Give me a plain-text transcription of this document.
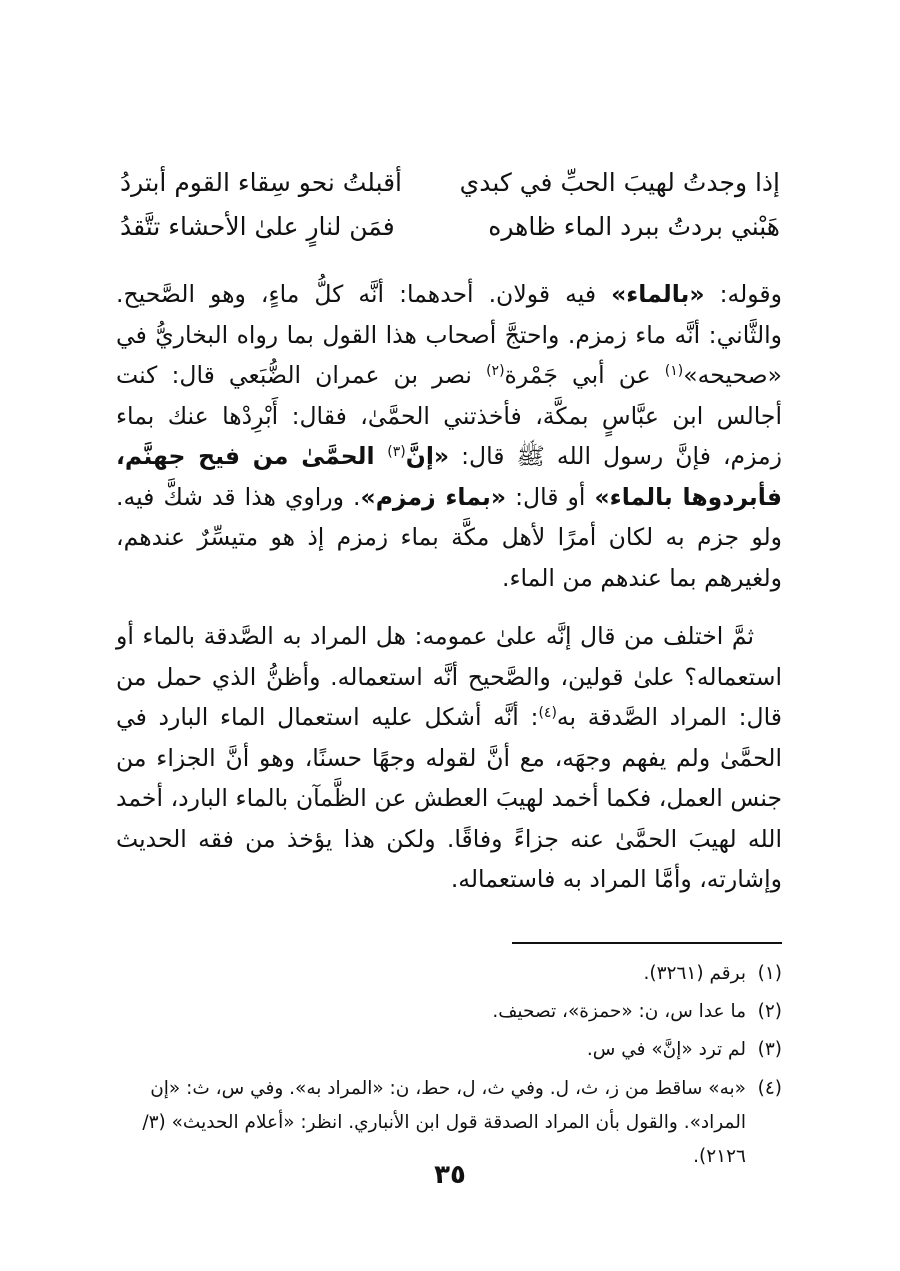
إذا وجدتُ لهيبَ الحبِّ في كبدي
أقبلتُ نحو سِقاء القوم أبتردُ
هَبْني بردتُ ببرد الماء ظاهره
فمَن لنارٍ علىٰ الأحشاء تتَّقدُ

وقوله: «بالماء» فيه قولان. أحدهما: أنَّه كلُّ ماءٍ، وهو الصَّحيح. والثَّاني: أنَّه ماء زمزم. واحتجَّ أصحاب هذا القول بما رواه البخاريُّ في «صحيحه»$^{(١)}$ عن أبي جَمْرة$^{(٢)}$ نصر بن عمران الضُّبَعي قال: كنت أجالس ابن عبَّاسٍ بمكَّة، فأخذتني الحمَّىٰ، فقال: أَبْرِدْها عنك بماء زمزم، فإنَّ رسول الله ﷺ قال: «إنَّ$^{(٣)}$ الحمَّىٰ من فيح جهنَّم، فأبردوها بالماء» أو قال: «بماء زمزم». وراوي هذا قد شكَّ فيه. ولو جزم به لكان أمرًا لأهل مكَّة بماء زمزم إذ هو متيسِّرٌ عندهم، ولغيرهم بما عندهم من الماء.

ثمَّ اختلف من قال إنَّه علىٰ عمومه: هل المراد به الصَّدقة بالماء أو استعماله؟ علىٰ قولين، والصَّحيح أنَّه استعماله. وأظنُّ الذي حمل من قال: المراد الصَّدقة به$^{(٤)}$: أنَّه أشكل عليه استعمال الماء البارد في الحمَّىٰ ولم يفهم وجهَه، مع أنَّ لقوله وجهًا حسنًا، وهو أنَّ الجزاء من جنس العمل، فكما أخمد لهيبَ العطش عن الظَّمآن بالماء البارد، أخمد الله لهيبَ الحمَّىٰ عنه جزاءً وفاقًا. ولكن هذا يؤخذ من فقه الحديث وإشارته، وأمَّا المراد به فاستعماله.

(١)
برقم (٣٢٦١).
(٢)
ما عدا س، ن: «حمزة»، تصحيف.
(٣)
لم ترد «إنَّ» في س.
(٤)
«به» ساقط من ز، ث، ل. وفي ث، ل، حط، ن: «المراد به». وفي س، ث: «إن المراد». والقول بأن المراد الصدقة قول ابن الأنباري. انظر: «أعلام الحديث» (٣/ ٢١٢٦).
٣٥
